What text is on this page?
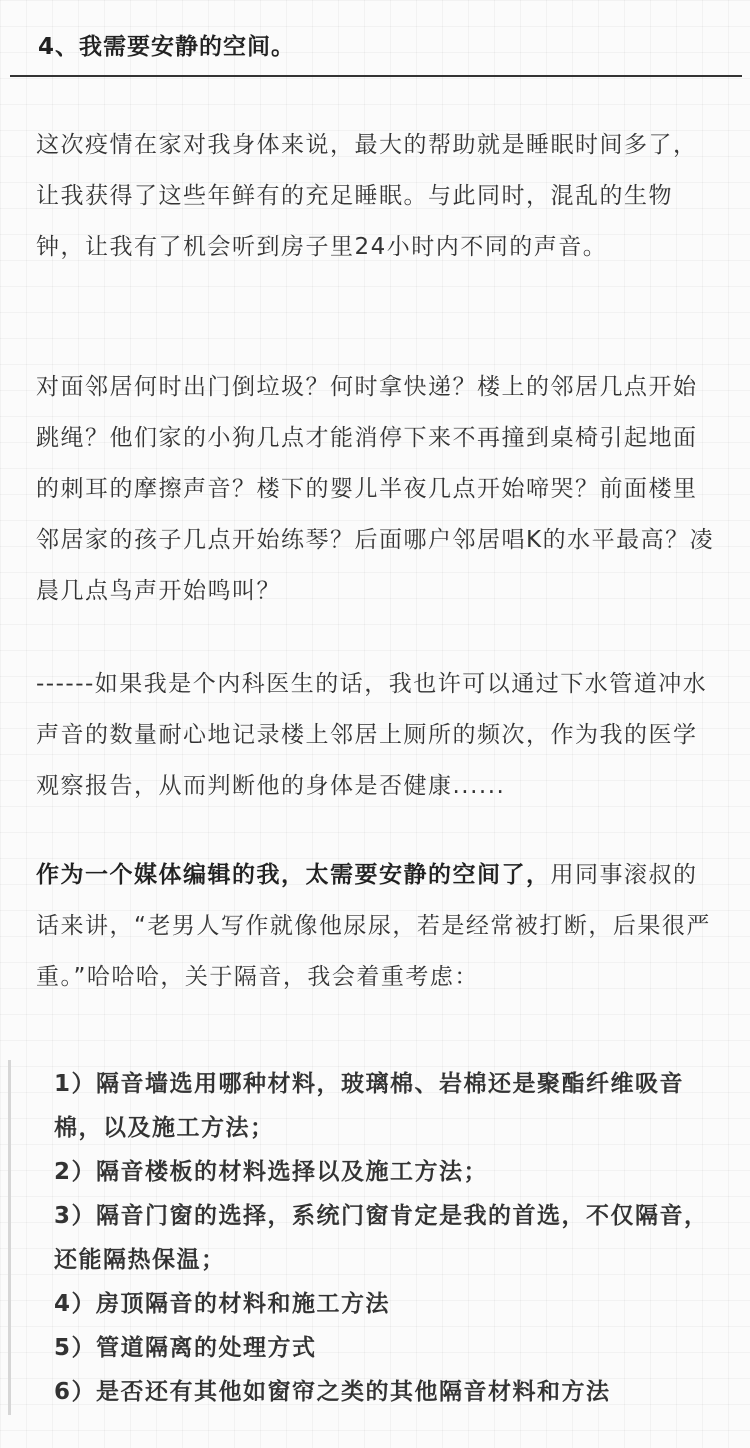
4、我需要安静的空间。

这次疫情在家对我身体来说，最大的帮助就是睡眠时间多了，让我获得了这些年鲜有的充足睡眠。与此同时，混乱的生物钟，让我有了机会听到房子里24小时内不同的声音。

对面邻居何时出门倒垃圾？何时拿快递？楼上的邻居几点开始跳绳？他们家的小狗几点才能消停下来不再撞到桌椅引起地面的刺耳的摩擦声音？楼下的婴儿半夜几点开始啼哭？前面楼里邻居家的孩子几点开始练琴？后面哪户邻居唱K的水平最高？凌晨几点鸟声开始鸣叫？

------如果我是个内科医生的话，我也许可以通过下水管道冲水声音的数量耐心地记录楼上邻居上厕所的频次，作为我的医学观察报告，从而判断他的身体是否健康......

作为一个媒体编辑的我，太需要安静的空间了，用同事滚叔的话来讲，“老男人写作就像他尿尿，若是经常被打断，后果很严重。”哈哈哈，关于隔音，我会着重考虑：

1）隔音墙选用哪种材料，玻璃棉、岩棉还是聚酯纤维吸音棉，以及施工方法；
2）隔音楼板的材料选择以及施工方法；
3）隔音门窗的选择，系统门窗肯定是我的首选，不仅隔音，还能隔热保温；
4）房顶隔音的材料和施工方法
5）管道隔离的处理方式
6）是否还有其他如窗帘之类的其他隔音材料和方法
